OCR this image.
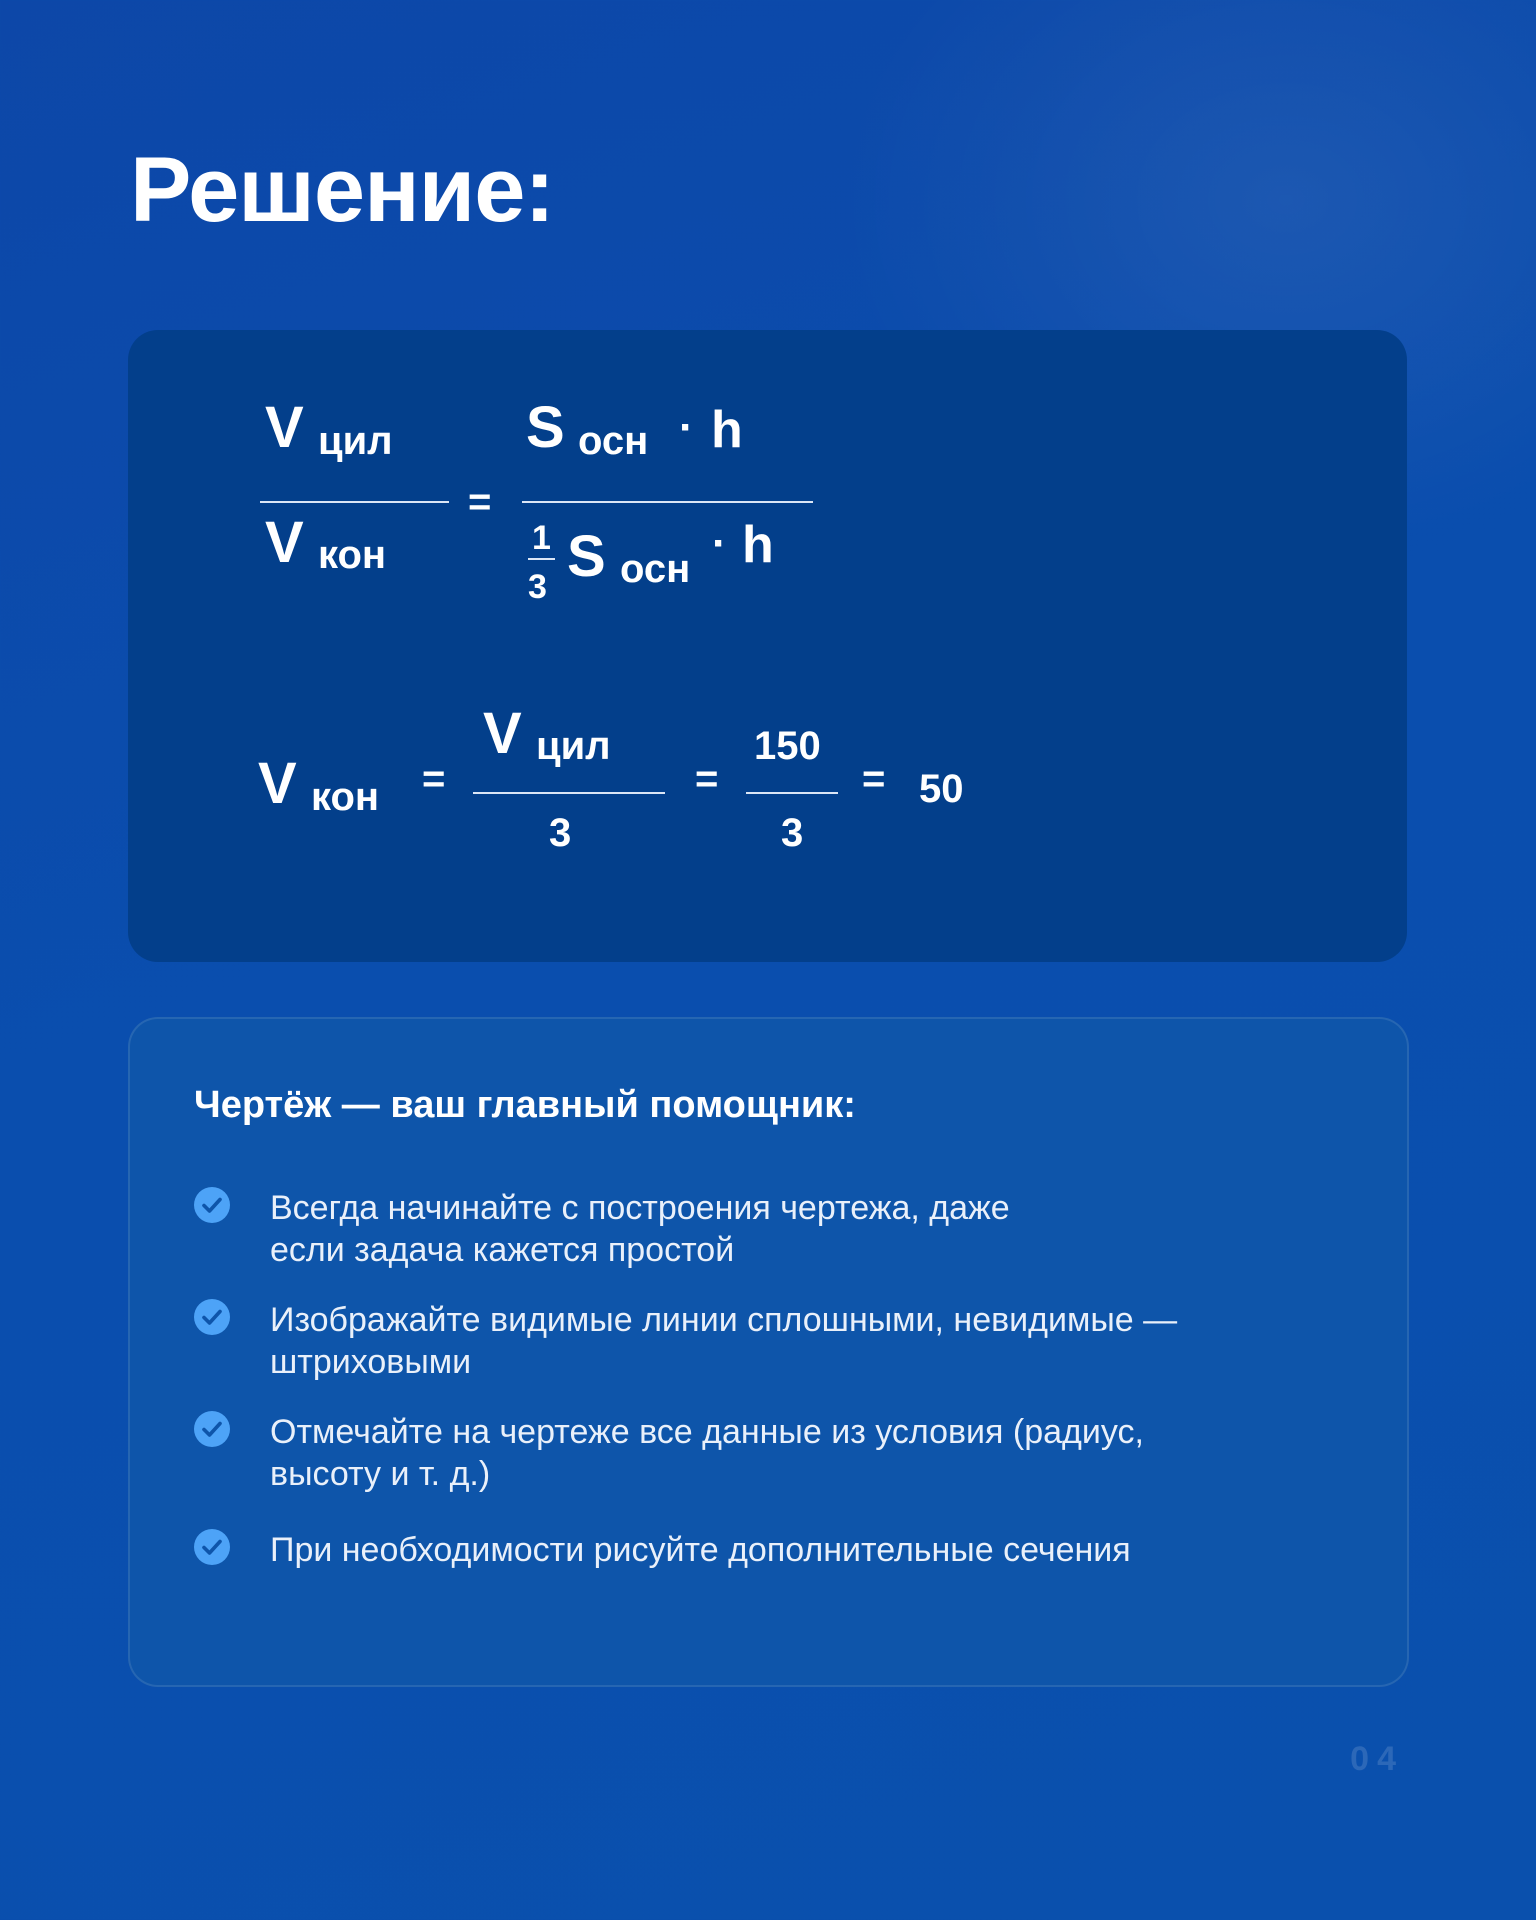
Решение:
V цил
V кон
=
S осн · h
1
3 S осн
· h
V кон =
V цил
3
=
150
3
= 50
Чертёж — ваш главный помощник:

Всегда начинайте с построения чертежа, даже
если задача кажется простой

Изображайте видимые линии сплошными, невидимые —
штриховыми

Отмечайте на чертеже все данные из условия (радиус,
высоту и т. д.)

При необходимости рисуйте дополнительные сечения

04
